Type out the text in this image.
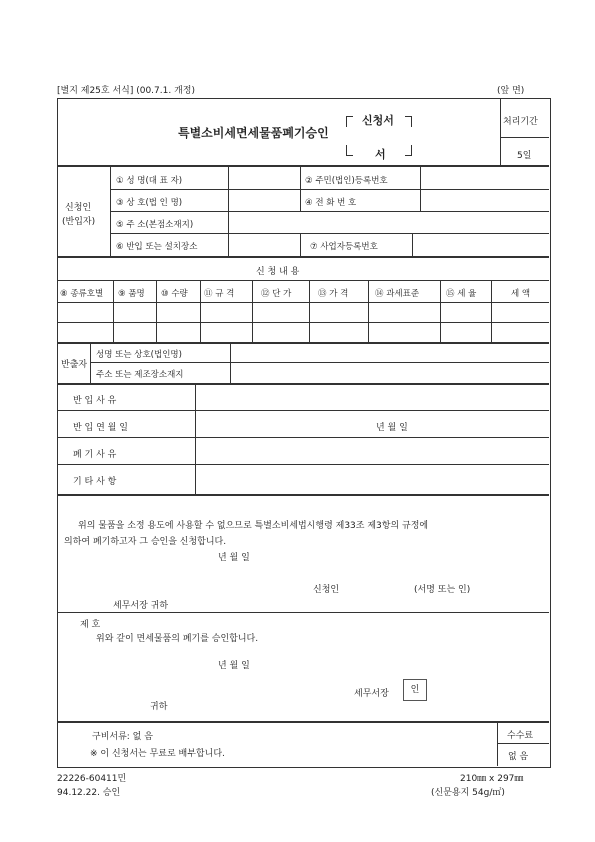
[별지 제25호 서식] (00.7.1. 개정)	(앞 면)
특별소비세면세물품폐기승인
신청서
서
처리기간
5일
신청인
(반입자)
① 성 명(대 표 자)	② 주민(법인)등록번호
③ 상 호(법 인 명)	④ 전 화 번 호
⑤ 주 소(본점소재지)
⑥ 반입 또는 설치장소	⑦ 사업자등록번호
신 청 내 용
⑧ 종류호별 ⑨ 품명 ⑩ 수량 ⑪ 규 격	⑫ 단 가	⑬ 가 격	⑭ 과세표준	⑮ 세 율	세 액
반출자
성명 또는 상호(법인명)
주소 또는 제조장소재지
반 입 사 유
반 입 연 월 일	년 월 일
폐 기 사 유
기 타 사 항
위의 물품을 소정 용도에 사용할 수 없으므로 특별소비세법시행령 제33조 제3항의 규정에
의하여 폐기하고자 그 승인을 신청합니다.
년 월 일
신청인	(서명 또는 인)
세무서장 귀하
제 호
위와 같이 면세물품의 폐기를 승인합니다.
년 월 일
세무서장	인
귀하
구비서류: 없 음
※ 이 신청서는 무료로 배부합니다.
수수료
없 음
22226-60411민
94.12.22. 승인
210㎜ x 297㎜
(신문용지 54g/㎡)
